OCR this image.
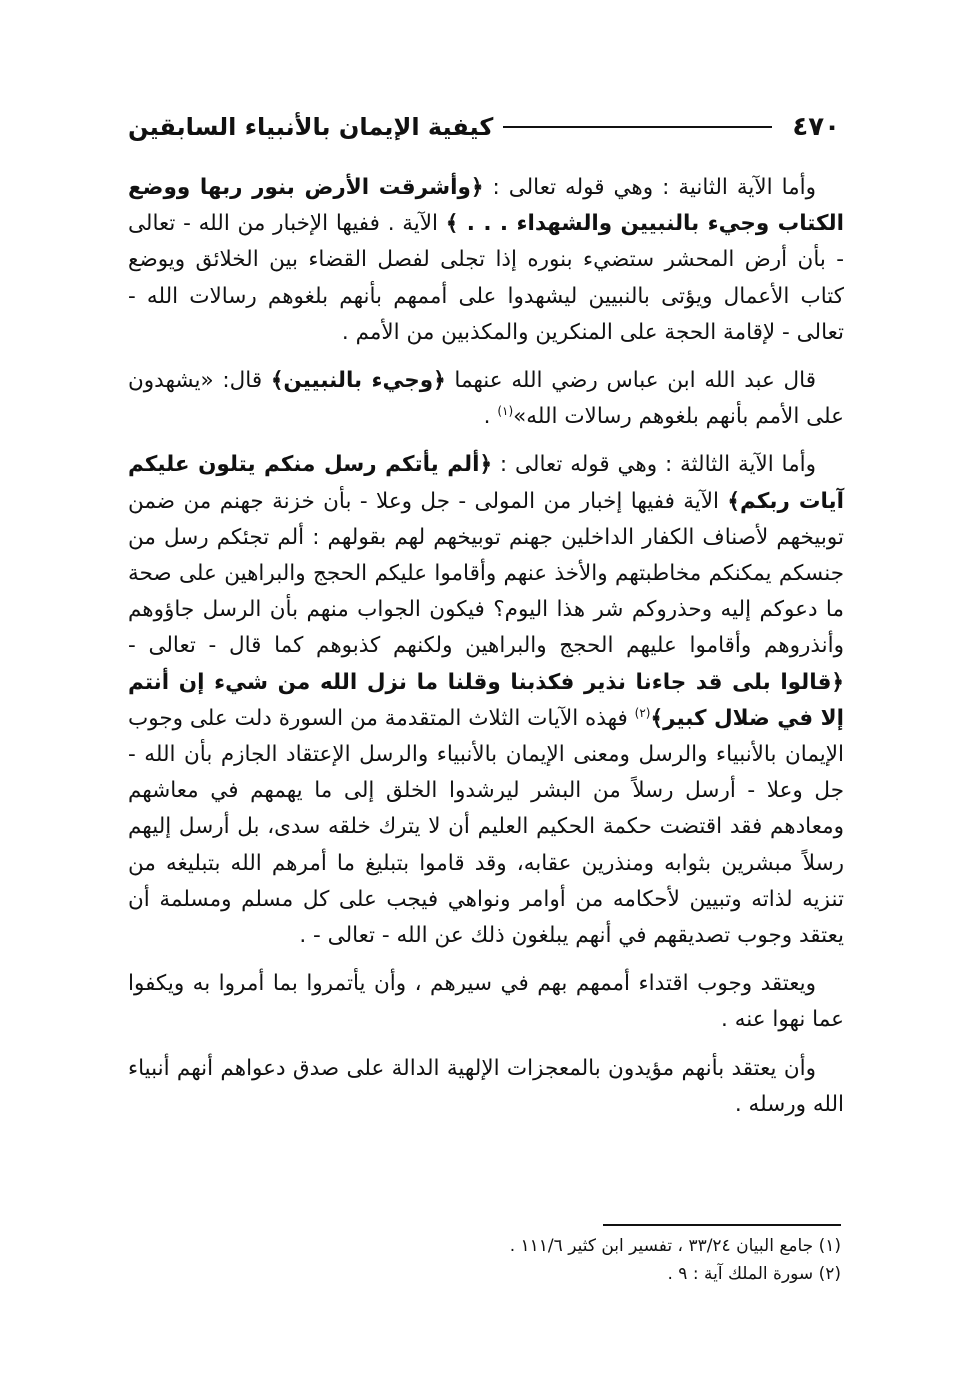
٤٧٠
كيفية الإيمان بالأنبياء السابقين

وأما الآية الثانية : وهي قوله تعالى : ﴿وأشرقت الأرض بنور ربها ووضع الكتاب وجيء بالنبيين والشهداء . . . ﴾ الآية . ففيها الإخبار من الله - تعالى - بأن أرض المحشر ستضيء بنوره إذا تجلى لفصل القضاء بين الخلائق ويوضع كتاب الأعمال ويؤتى بالنبيين ليشهدوا على أممهم بأنهم بلغوهم رسالات الله - تعالى - لإقامة الحجة على المنكرين والمكذبين من الأمم .

قال عبد الله ابن عباس رضي الله عنهما ﴿وجيء بالنبيين﴾ قال: «يشهدون على الأمم بأنهم بلغوهم رسالات الله»$^{(١)}$ .

وأما الآية الثالثة : وهي قوله تعالى : ﴿ألم يأتكم رسل منكم يتلون عليكم آيات ربكم﴾ الآية ففيها إخبار من المولى - جل وعلا - بأن خزنة جهنم من ضمن توبيخهم لأصناف الكفار الداخلين جهنم توبيخهم لهم بقولهم : ألم تجئكم رسل من جنسكم يمكنكم مخاطبتهم والأخذ عنهم وأقاموا عليكم الحجج والبراهين على صحة ما دعوكم إليه وحذروكم شر هذا اليوم؟ فيكون الجواب منهم بأن الرسل جاؤوهم وأنذروهم وأقاموا عليهم الحجج والبراهين ولكنهم كذبوهم كما قال - تعالى - ﴿قالوا بلى قد جاءنا نذير فكذبنا وقلنا ما نزل الله من شيء إن أنتم إلا في ضلال كبير﴾$^{(٢)}$ فهذه الآيات الثلاث المتقدمة من السورة دلت على وجوب الإيمان بالأنبياء والرسل ومعنى الإيمان بالأنبياء والرسل الإعتقاد الجازم بأن الله - جل وعلا - أرسل رسلاً من البشر ليرشدوا الخلق إلى ما يهمهم في معاشهم ومعادهم فقد اقتضت حكمة الحكيم العليم أن لا يترك خلقه سدى، بل أرسل إليهم رسلاً مبشرين بثوابه ومنذرين عقابه، وقد قاموا بتبليغ ما أمرهم الله بتبليغه من تنزيه لذاته وتبيين لأحكامه من أوامر ونواهي فيجب على كل مسلم ومسلمة أن يعتقد وجوب تصديقهم في أنهم يبلغون ذلك عن الله - تعالى - .

ويعتقد وجوب اقتداء أممهم بهم في سيرهم ، وأن يأتمروا بما أمروا به ويكفوا عما نهوا عنه .

وأن يعتقد بأنهم مؤيدون بالمعجزات الإلهية الدالة على صدق دعواهم أنهم أنبياء الله ورسله .

(١) جامع البيان ٣٣/٢٤ ، تفسير ابن كثير ١١١/٦ .
(٢) سورة الملك آية : ٩ .
